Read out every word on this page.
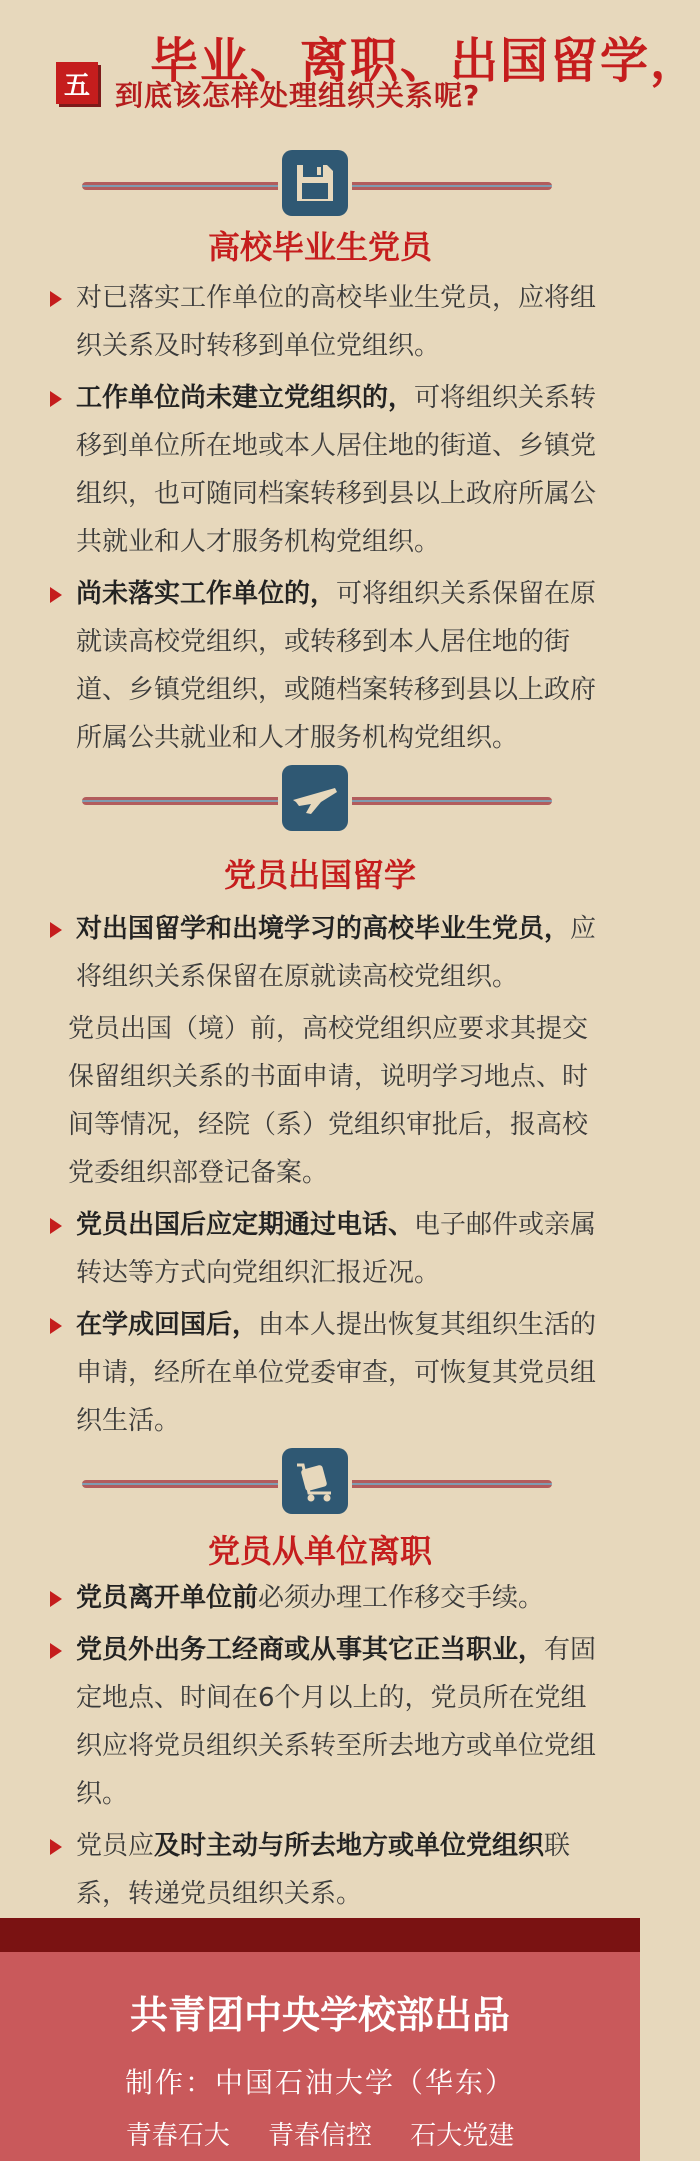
毕业、离职、出国留学，
五 到底该怎样处理组织关系呢?
高校毕业生党员
对已落实工作单位的高校毕业生党员，应将组织关系及时转移到单位党组织。
工作单位尚未建立党组织的，可将组织关系转移到单位所在地或本人居住地的街道、乡镇党组织，也可随同档案转移到县以上政府所属公共就业和人才服务机构党组织。
尚未落实工作单位的，可将组织关系保留在原就读高校党组织，或转移到本人居住地的街道、乡镇党组织，或随档案转移到县以上政府所属公共就业和人才服务机构党组织。
党员出国留学
对出国留学和出境学习的高校毕业生党员，应将组织关系保留在原就读高校党组织。
党员出国（境）前，高校党组织应要求其提交保留组织关系的书面申请，说明学习地点、时间等情况，经院（系）党组织审批后，报高校党委组织部登记备案。
党员出国后应定期通过电话、电子邮件或亲属转达等方式向党组织汇报近况。
在学成回国后，由本人提出恢复其组织生活的申请，经所在单位党委审查，可恢复其党员组织生活。
党员从单位离职
党员离开单位前必须办理工作移交手续。
党员外出务工经商或从事其它正当职业，有固定地点、时间在6个月以上的，党员所在党组织应将党员组织关系转至所去地方或单位党组织。
党员应及时主动与所去地方或单位党组织联系，转递党员组织关系。
共青团中央学校部出品
制作：中国石油大学（华东）
青春石大 青春信控 石大党建
